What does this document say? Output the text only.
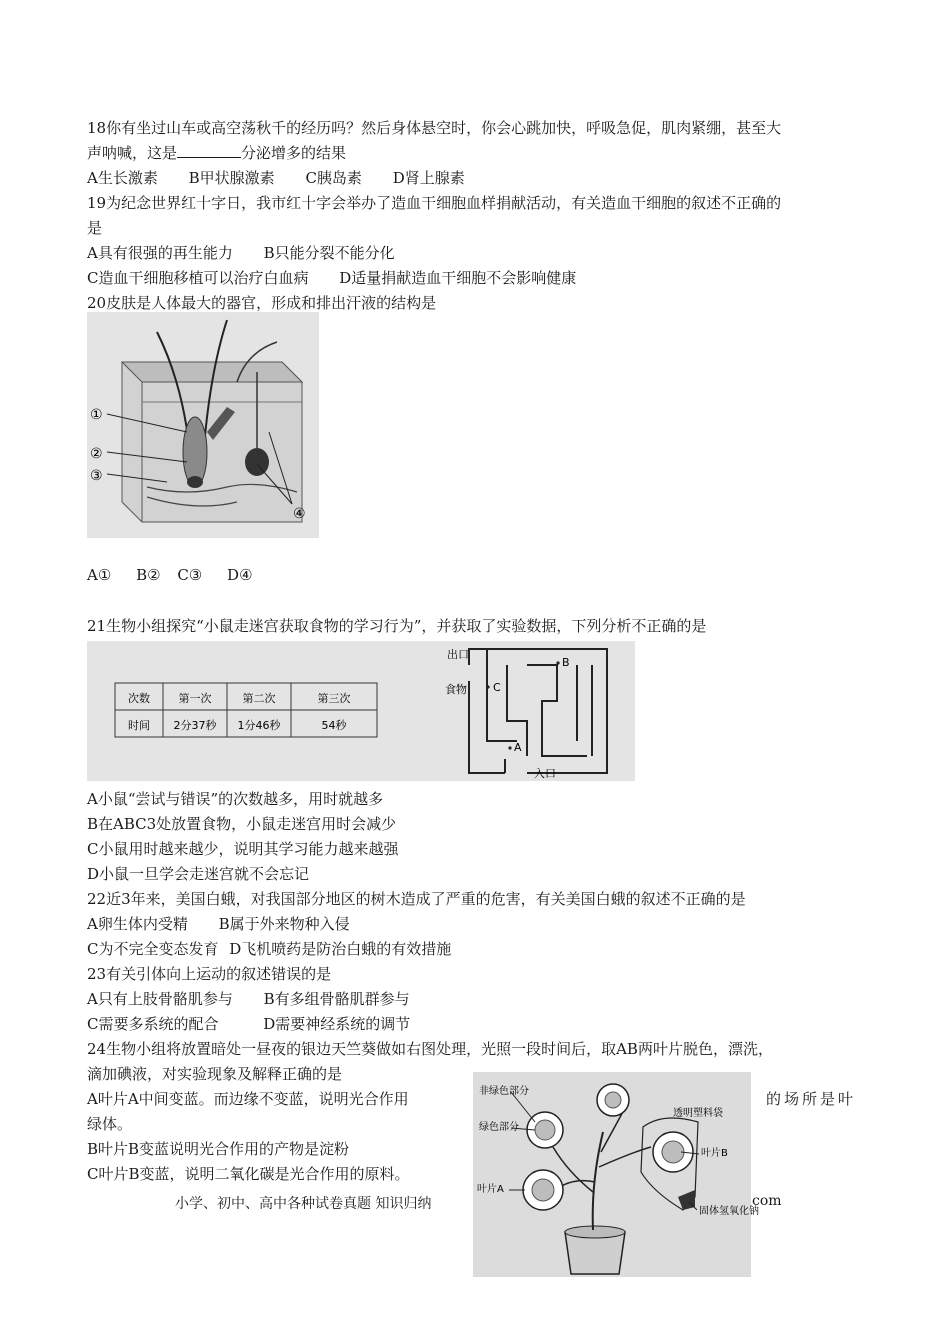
18你有坐过山车或高空荡秋千的经历吗？然后身体悬空时，你会心跳加快，呼吸急促，肌肉紧绷，甚至大
声呐喊，这是	分泌增多的结果
A生长激素 B甲状腺激素 C胰岛素 D肾上腺素
19为纪念世界红十字日，我市红十字会举办了造血干细胞血样捐献活动，有关造血干细胞的叙述不正确的
是
A具有很强的再生能力 B只能分裂不能分化
C造血干细胞移植可以治疗白血病 D适量捐献造血干细胞不会影响健康
20皮肤是人体最大的器官，形成和排出汗液的结构是
①
②
③
④
A① B② C③ D④
21生物小组探究“小鼠走迷宫获取食物的学习行为”，并获取了实验数据，下列分析不正确的是
次数	第一次	第二次	第三次
时间 2分37秒 1分46秒	54秒
出口
食物
入口
A
B
C
A小鼠“尝试与错误”的次数越多，用时就越多
B在ABC3处放置食物，小鼠走迷宫用时会减少
C小鼠用时越来越少，说明其学习能力越来越强
D小鼠一旦学会走迷宫就不会忘记
22近3年来，美国白蛾，对我国部分地区的树木造成了严重的危害，有关美国白蛾的叙述不正确的是
A卵生体内受精 B属于外来物种入侵
C为不完全变态发育 D飞机喷药是防治白蛾的有效措施
23有关引体向上运动的叙述错误的是
A只有上肢骨骼肌参与 B有多组骨骼肌群参与
C需要多系统的配合	D需要神经系统的调节
24生物小组将放置暗处一昼夜的银边天竺葵做如右图处理，光照一段时间后，取AB两叶片脱色，漂洗，
滴加碘液，对实验现象及解释正确的是
A叶片A中间变蓝。而边缘不变蓝，说明光合作用	的场所是叶
绿体。
B叶片B变蓝说明光合作用的产物是淀粉
C叶片B变蓝，说明二氧化碳是光合作用的原料。
小学、初中、高中各种试卷真题 知识归纳	com
非绿色部分
绿色部分
叶片A
透明塑料袋
叶片B
固体氢氧化钠
